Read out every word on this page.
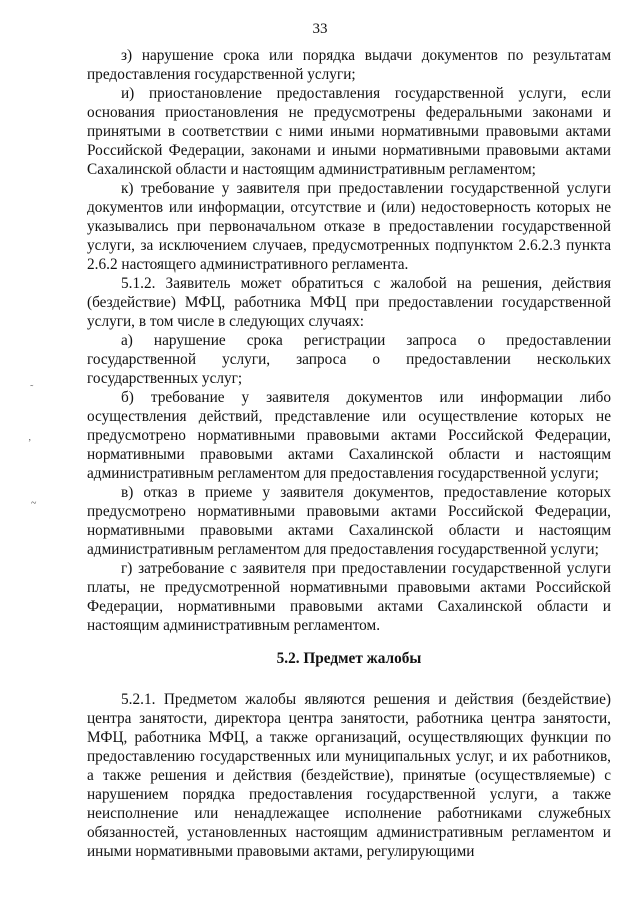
33
˜
’
~

з) нарушение срока или порядка выдачи документов по результатам предоставления государственной услуги;

и) приостановление предоставления государственной услуги, если основания приостановления не предусмотрены федеральными законами и принятыми в соответствии с ними иными нормативными правовыми актами Российской Федерации, законами и иными нормативными правовыми актами Сахалинской области и настоящим административным регламентом;

к) требование у заявителя при предоставлении государственной услуги документов или информации, отсутствие и (или) недостоверность которых не указывались при первоначальном отказе в предоставлении государственной услуги, за исключением случаев, предусмотренных подпунктом 2.6.2.3 пункта 2.6.2 настоящего административного регламента.

5.1.2. Заявитель может обратиться с жалобой на решения, действия (бездействие) МФЦ, работника МФЦ при предоставлении государственной услуги, в том числе в следующих случаях:

а) нарушение срока регистрации запроса о предоставлении государственной услуги, запроса о предоставлении нескольких государственных услуг;

б) требование у заявителя документов или информации либо осуществления действий, представление или осуществление которых не предусмотрено нормативными правовыми актами Российской Федерации, нормативными правовыми актами Сахалинской области и настоящим административным регламентом для предоставления государственной услуги;

в) отказ в приеме у заявителя документов, предоставление которых предусмотрено нормативными правовыми актами Российской Федерации, нормативными правовыми актами Сахалинской области и настоящим административным регламентом для предоставления государственной услуги;

г) затребование с заявителя при предоставлении государственной услуги платы, не предусмотренной нормативными правовыми актами Российской Федерации, нормативными правовыми актами Сахалинской области и настоящим административным регламентом.

5.2. Предмет жалобы

5.2.1. Предметом жалобы являются решения и действия (бездействие) центра занятости, директора центра занятости, работника центра занятости, МФЦ, работника МФЦ, а также организаций, осуществляющих функции по предоставлению государственных или муниципальных услуг, и их работников, а также решения и действия (бездействие), принятые (осуществляемые) с нарушением порядка предоставления государственной услуги, а также неисполнение или ненадлежащее исполнение работниками служебных обязанностей, установленных настоящим административным регламентом и иными нормативными правовыми актами, регулирующими
